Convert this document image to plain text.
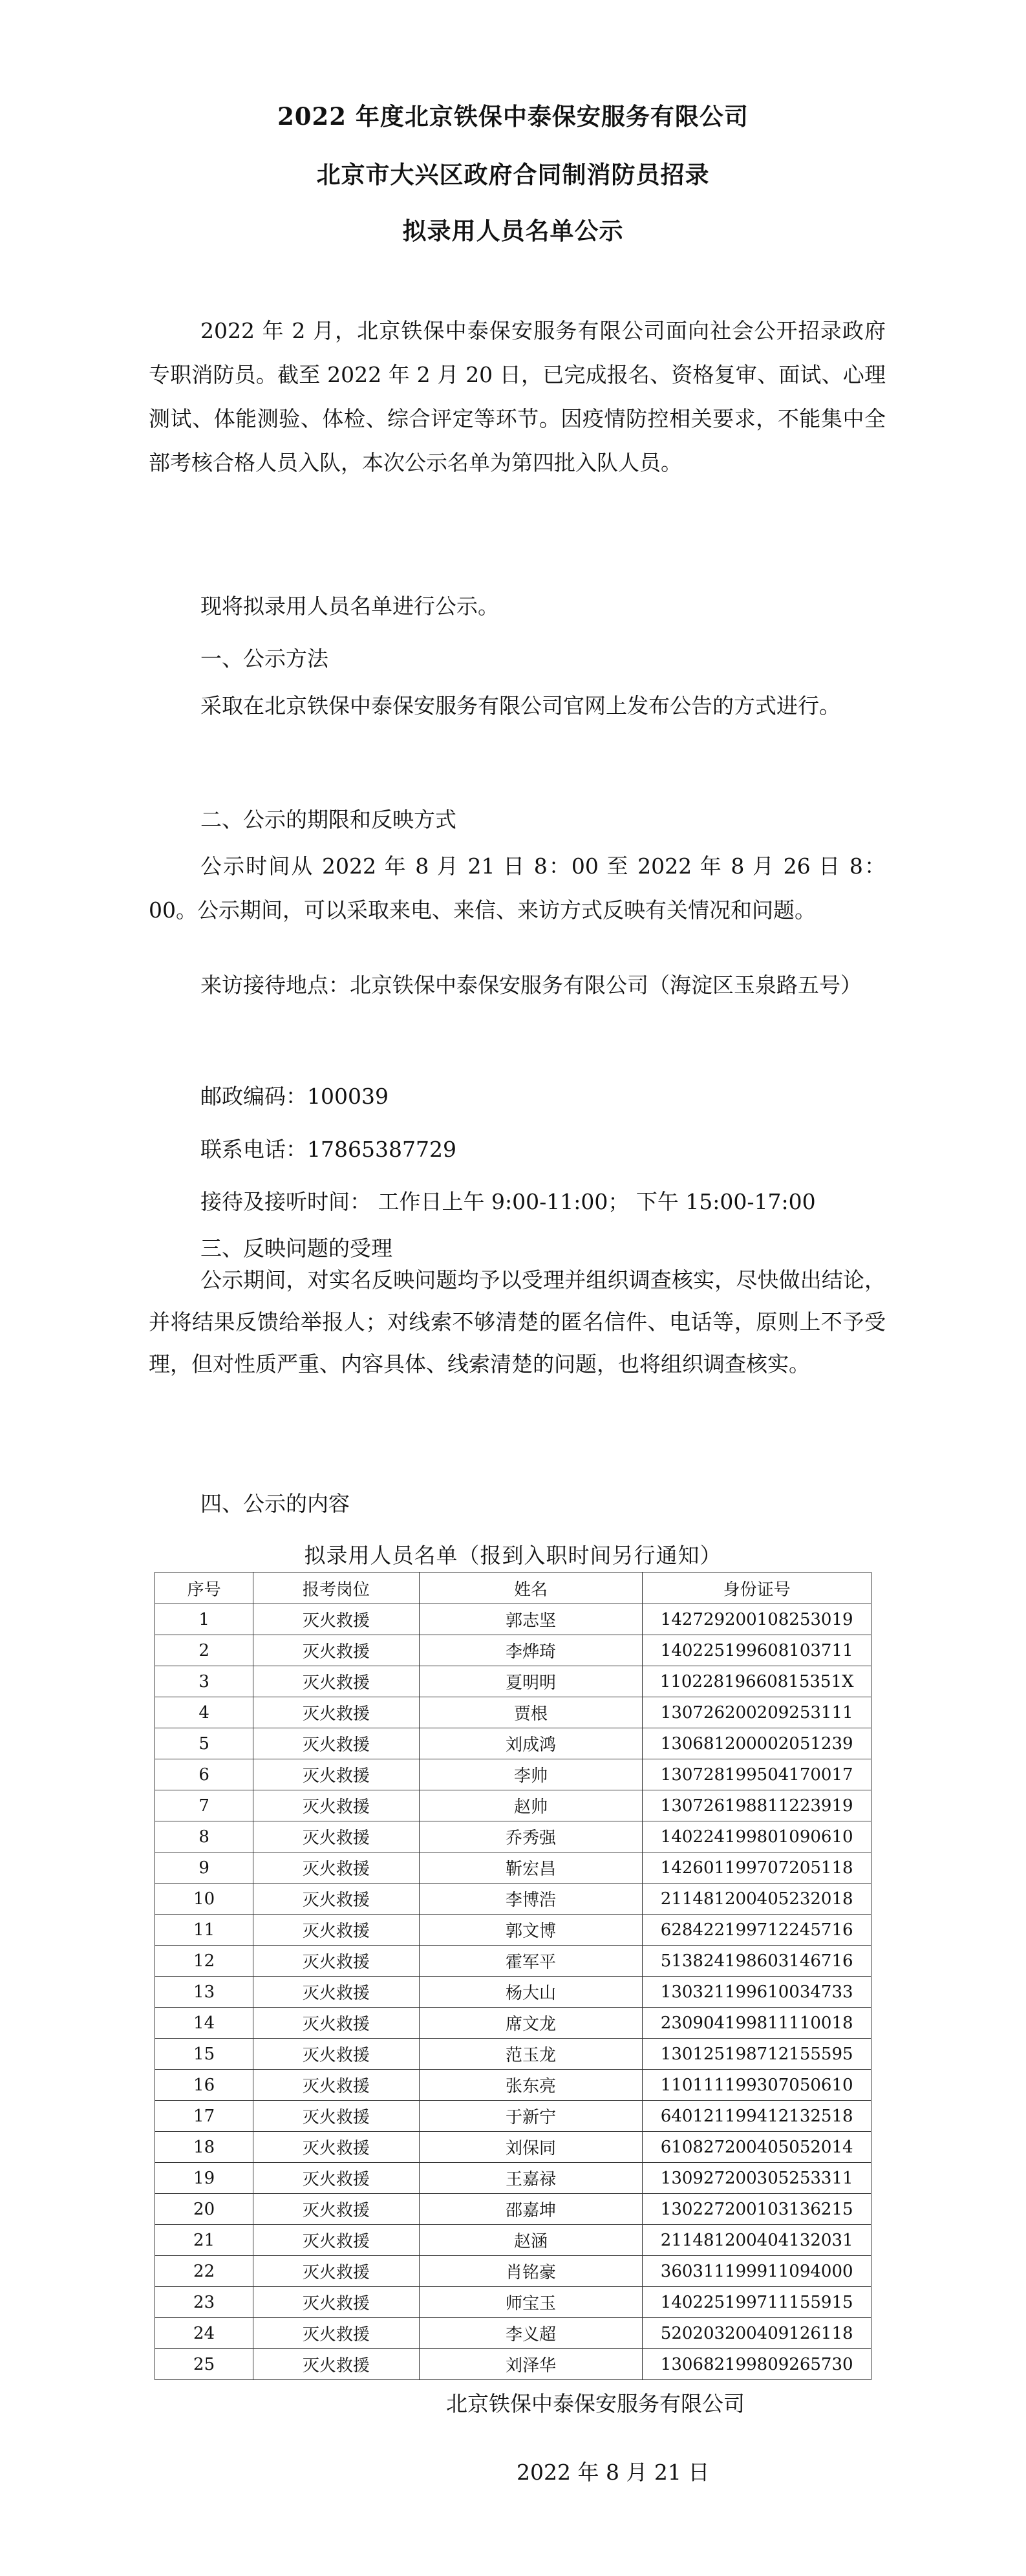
2022 年度北京铁保中泰保安服务有限公司
北京市大兴区政府合同制消防员招录
拟录用人员名单公示
2022 年 2 月，北京铁保中泰保安服务有限公司面向社会公开招录政府专职消防员。截至 2022 年 2 月 20 日，已完成报名、资格复审、面试、心理测试、体能测验、体检、综合评定等环节。因疫情防控相关要求，不能集中全部考核合格人员入队，本次公示名单为第四批入队人员。
现将拟录用人员名单进行公示。
一、公示方法
采取在北京铁保中泰保安服务有限公司官网上发布公告的方式进行。
二、公示的期限和反映方式
公示时间从 2022 年 8 月 21 日 8：00 至 2022 年 8 月 26 日 8：00。公示期间，可以采取来电、来信、来访方式反映有关情况和问题。
来访接待地点：北京铁保中泰保安服务有限公司（海淀区玉泉路五号）
邮政编码：100039
联系电话：17865387729
接待及接听时间： 工作日上午 9:00-11:00； 下午 15:00-17:00
三、反映问题的受理
公示期间，对实名反映问题均予以受理并组织调查核实，尽快做出结论，并将结果反馈给举报人；对线索不够清楚的匿名信件、电话等，原则上不予受理，但对性质严重、内容具体、线索清楚的问题，也将组织调查核实。
四、公示的内容
拟录用人员名单（报到入职时间另行通知）
序号	报考岗位	姓名	身份证号
1	灭火救援	郭志坚	142729200108253019
2	灭火救援	李烨琦	140225199608103711
3	灭火救援	夏明明	11022819660815351X
4	灭火救援	贾根	130726200209253111
5	灭火救援	刘成鸿	130681200002051239
6	灭火救援	李帅	130728199504170017
7	灭火救援	赵帅	130726198811223919
8	灭火救援	乔秀强	140224199801090610
9	灭火救援	靳宏昌	142601199707205118
10	灭火救援	李博浩	211481200405232018
11	灭火救援	郭文博	628422199712245716
12	灭火救援	霍军平	513824198603146716
13	灭火救援	杨大山	130321199610034733
14	灭火救援	席文龙	230904199811110018
15	灭火救援	范玉龙	130125198712155595
16	灭火救援	张东亮	110111199307050610
17	灭火救援	于新宁	640121199412132518
18	灭火救援	刘保同	610827200405052014
19	灭火救援	王嘉禄	130927200305253311
20	灭火救援	邵嘉坤	130227200103136215
21	灭火救援	赵涵	211481200404132031
22	灭火救援	肖铭豪	360311199911094000
23	灭火救援	师宝玉	140225199711155915
24	灭火救援	李义超	520203200409126118
25	灭火救援	刘泽华	130682199809265730
北京铁保中泰保安服务有限公司
2022 年 8 月 21 日
